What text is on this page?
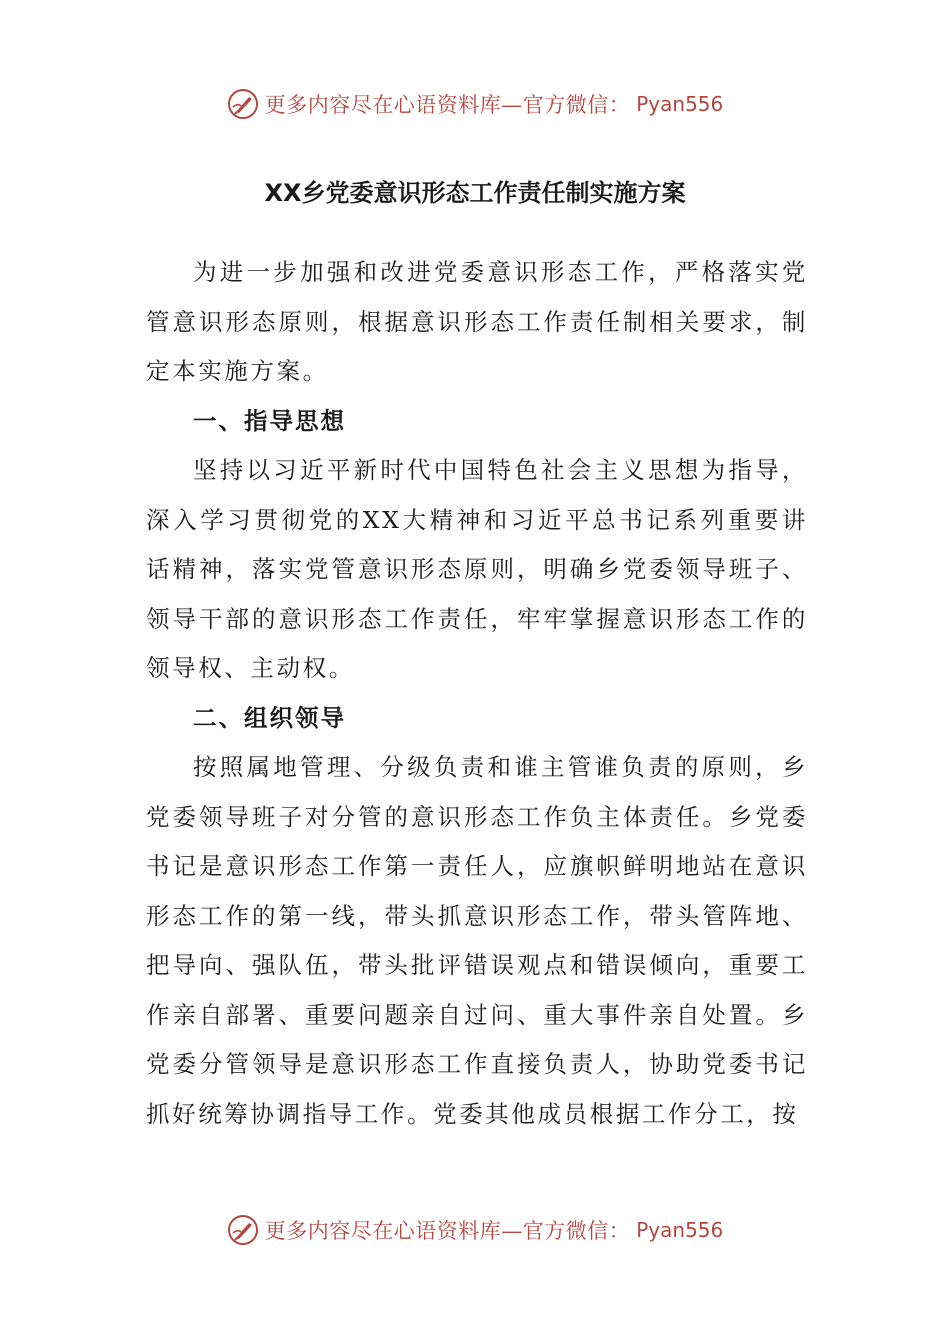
更多内容尽在心语资料库—官方微信： Pyan556
XX乡党委意识形态工作责任制实施方案

为进一步加强和改进党委意识形态工作，严格落实党管意识形态原则，根据意识形态工作责任制相关要求，制定本实施方案。

一、指导思想

坚持以习近平新时代中国特色社会主义思想为指导，深入学习贯彻党的XX大精神和习近平总书记系列重要讲话精神，落实党管意识形态原则，明确乡党委领导班子、领导干部的意识形态工作责任，牢牢掌握意识形态工作的领导权、主动权。

二、组织领导

按照属地管理、分级负责和谁主管谁负责的原则，乡党委领导班子对分管的意识形态工作负主体责任。乡党委书记是意识形态工作第一责任人，应旗帜鲜明地站在意识形态工作的第一线，带头抓意识形态工作，带头管阵地、把导向、强队伍，带头批评错误观点和错误倾向，重要工作亲自部署、重要问题亲自过问、重大事件亲自处置。乡党委分管领导是意识形态工作直接负责人，协助党委书记抓好统筹协调指导工作。党委其他成员根据工作分工，按

更多内容尽在心语资料库—官方微信： Pyan556
